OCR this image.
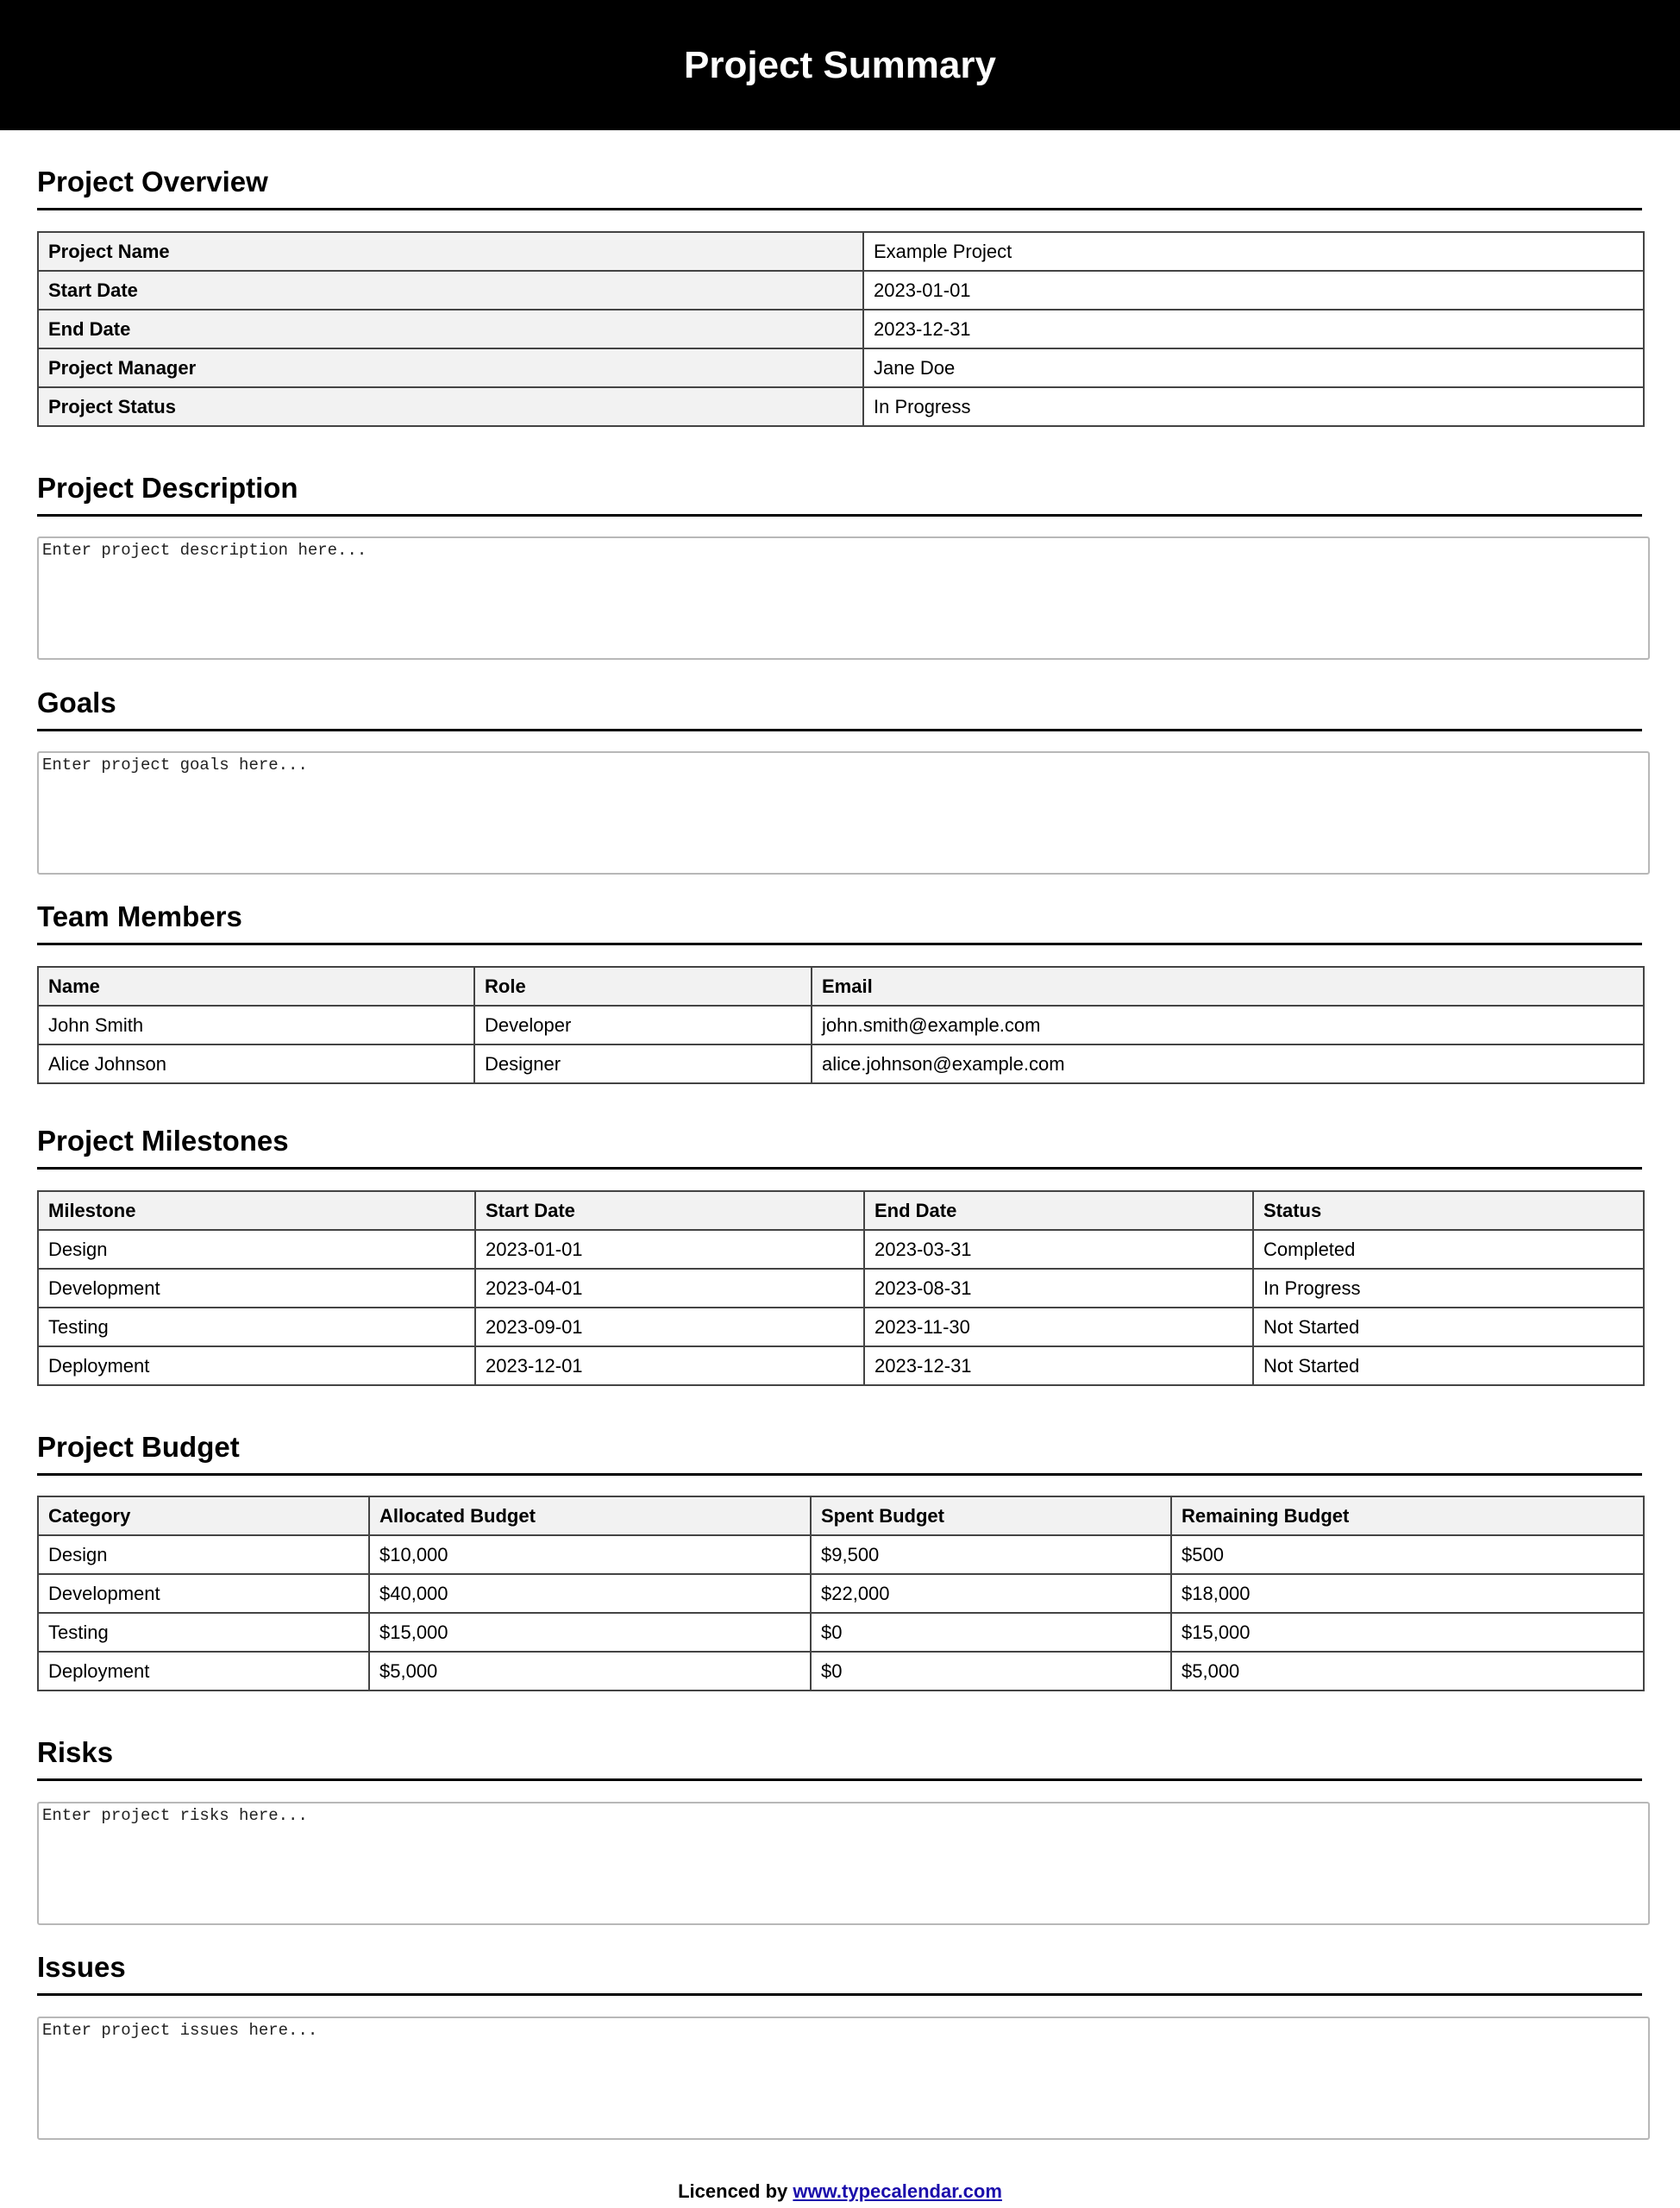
Project Summary
Project Overview
Project Name	Example Project
Start Date	2023-01-01
End Date	2023-12-31
Project Manager	Jane Doe
Project Status	In Progress
Project Description
Enter project description here...
Goals
Enter project goals here...
Team Members
Name	Role	Email
John Smith	Developer	john.smith@example.com
Alice Johnson	Designer	alice.johnson@example.com
Project Milestones
Milestone	Start Date	End Date	Status
Design	2023-01-01	2023-03-31	Completed
Development	2023-04-01	2023-08-31	In Progress
Testing	2023-09-01	2023-11-30	Not Started
Deployment	2023-12-01	2023-12-31	Not Started
Project Budget
Category	Allocated Budget	Spent Budget	Remaining Budget
Design	$10,000	$9,500	$500
Development	$40,000	$22,000	$18,000
Testing	$15,000	$0	$15,000
Deployment	$5,000	$0	$5,000
Risks
Enter project risks here...
Issues
Enter project issues here...
Licenced by www.typecalendar.com
